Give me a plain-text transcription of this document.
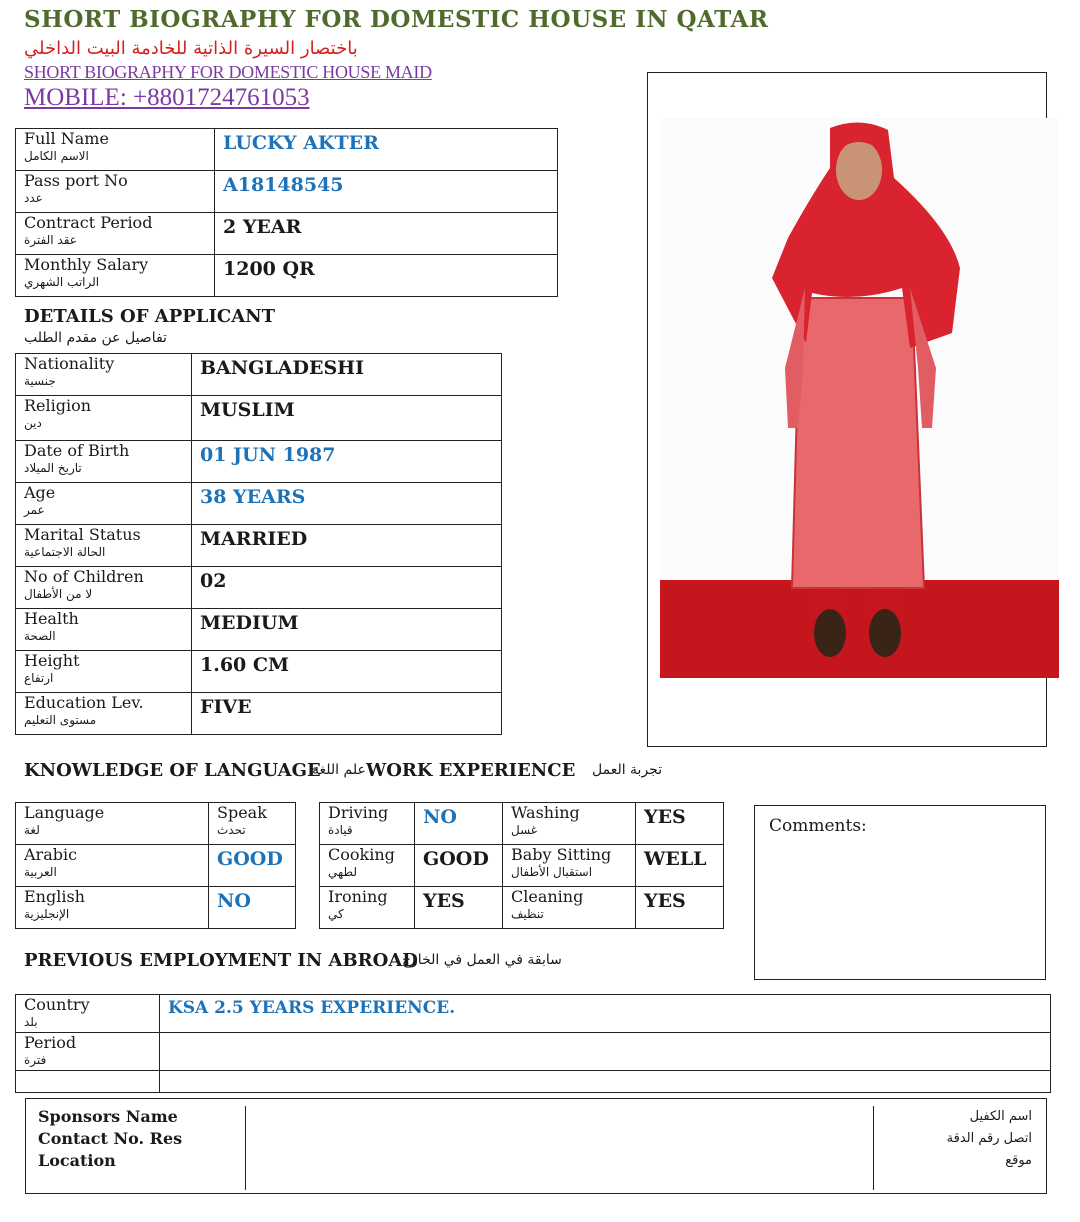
SHORT BIOGRAPHY FOR DOMESTIC HOUSE IN QATAR
باختصار السيرة الذاتية للخادمة البيت الداخلي
SHORT BIOGRAPHY FOR DOMESTIC HOUSE MAID
MOBILE: +8801724761053
Full Name
الاسم الكامل	LUCKY AKTER

Pass port No
عدد	A18148545

Contract Period
عقد الفترة	2 YEAR

Monthly Salary
الراتب الشهري	1200 QR
DETAILS OF APPLICANT
تفاصيل عن مقدم الطلب
Nationality
جنسية	BANGLADESHI

Religion
دين	MUSLIM

Date of Birth
تاريخ الميلاد	01 JUN 1987

Age
عمر	38 YEARS

Marital Status
الحالة الاجتماعية	MARRIED

No of Children
لا من الأطفال	02

Health
الصحة	MEDIUM

Height
ارتفاع	1.60 CM

Education Lev.
مستوى التعليم	FIVE
KNOWLEDGE OF LANGUAGE
علم اللغة WORK EXPERIENCE تجربة العمل
Language
لغة	Speak
تحدث

Arabic
العربية	GOOD

English
الإنجليزية	NO
Driving
قيادة	NO	Washing
غسل	YES

Cooking
لطهي	GOOD	Baby Sitting
استقبال الأطفال	WELL

Ironing
كي	YES	Cleaning
تنظيف	YES
Comments:
PREVIOUS EMPLOYMENT IN ABROAD
سابقة في العمل في الخارج
Country
بلد	KSA 2.5 YEARS EXPERIENCE.

Period
فترة	

Sponsors Name		اسم الكفيل
Contact No. Res		اتصل رقم الدقة
Location		موقع
